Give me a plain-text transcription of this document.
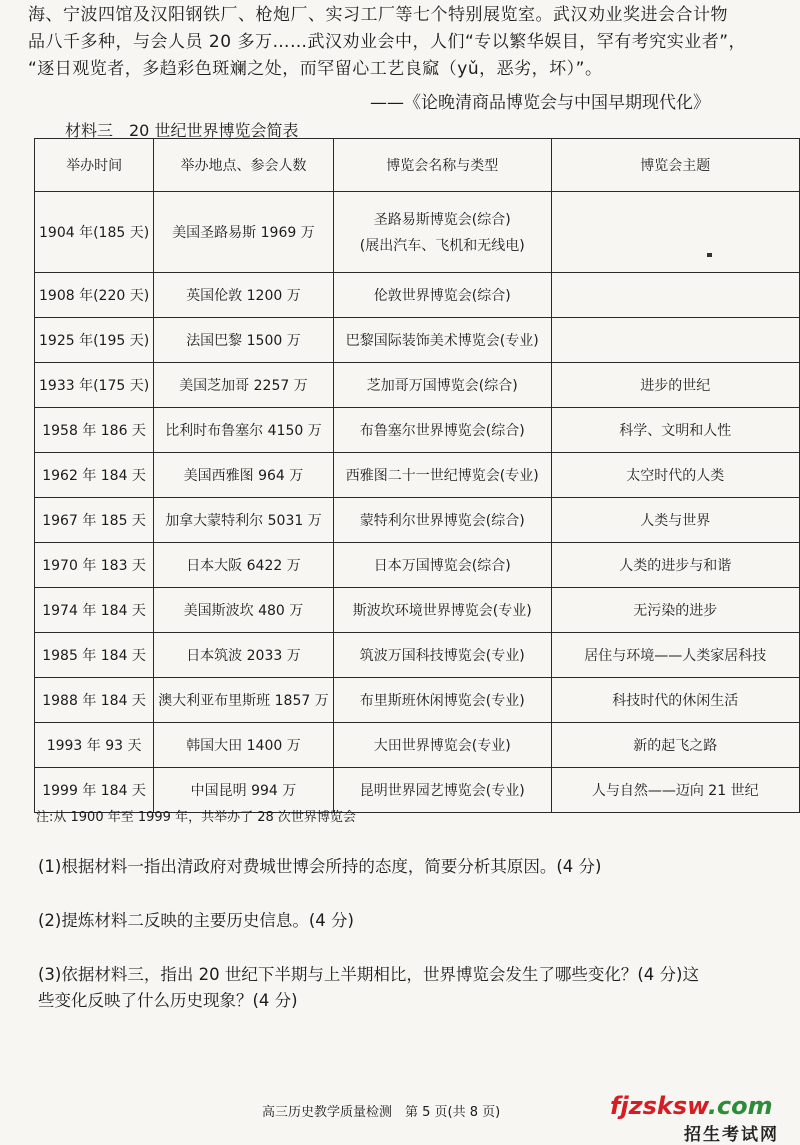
海、宁波四馆及汉阳钢铁厂、枪炮厂、实习工厂等七个特别展览室。武汉劝业奖进会合计物
品八千多种，与会人员 20 多万……武汉劝业会中，人们“专以繁华娱目，罕有考究实业者”，
“逐日观览者，多趋彩色斑斓之处，而罕留心工艺良窳（yǔ，恶劣，坏）”。
——《论晚清商品博览会与中国早期现代化》
材料三　20 世纪世界博览会简表
举办时间	举办地点、参会人数	博览会名称与类型	博览会主题
1904 年(185 天)	美国圣路易斯 1969 万	圣路易斯博览会(综合)
(展出汽车、飞机和无线电)	

1908 年(220 天)	英国伦敦 1200 万	伦敦世界博览会(综合)	
1925 年(195 天)	法国巴黎 1500 万	巴黎国际装饰美术博览会(专业)	
1933 年(175 天)	美国芝加哥 2257 万	芝加哥万国博览会(综合)	进步的世纪
1958 年 186 天	比利时布鲁塞尔 4150 万	布鲁塞尔世界博览会(综合)	科学、文明和人性
1962 年 184 天	美国西雅图 964 万	西雅图二十一世纪博览会(专业)	太空时代的人类
1967 年 185 天	加拿大蒙特利尔 5031 万	蒙特利尔世界博览会(综合)	人类与世界
1970 年 183 天	日本大阪 6422 万	日本万国博览会(综合)	人类的进步与和谐
1974 年 184 天	美国斯波坎 480 万	斯波坎环境世界博览会(专业)	无污染的进步
1985 年 184 天	日本筑波 2033 万	筑波万国科技博览会(专业)	居住与环境——人类家居科技
1988 年 184 天	澳大利亚布里斯班 1857 万	布里斯班休闲博览会(专业)	科技时代的休闲生活
1993 年 93 天	韩国大田 1400 万	大田世界博览会(专业)	新的起飞之路
1999 年 184 天	中国昆明 994 万	昆明世界园艺博览会(专业)	人与自然——迈向 21 世纪
注:从 1900 年至 1999 年，共举办了 28 次世界博览会
(1)根据材料一指出清政府对费城世博会所持的态度，简要分析其原因。(4 分)
(2)提炼材料二反映的主要历史信息。(4 分)
(3)依据材料三，指出 20 世纪下半期与上半期相比，世界博览会发生了哪些变化？(4 分)这
些变化反映了什么历史现象？(4 分)
高三历史教学质量检测　第 5 页(共 8 页)	fjzsksw.com
招生考试网
